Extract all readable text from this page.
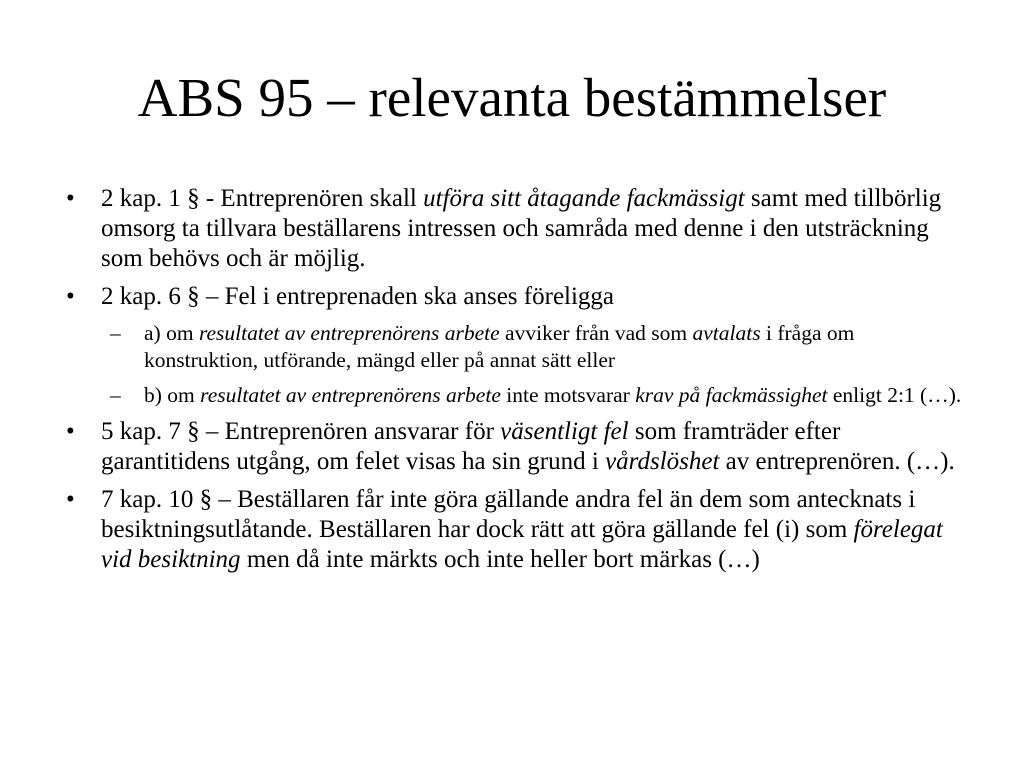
ABS 95 – relevanta bestämmelser
• 2 kap. 1 § - Entreprenören skall utföra sitt åtagande fackmässigt samt med tillbörlig omsorg ta tillvara beställarens intressen och samråda med denne i den utsträckning som behövs och är möjlig.
• 2 kap. 6 § – Fel i entreprenaden ska anses föreligga
– a) om resultatet av entreprenörens arbete avviker från vad som avtalats i fråga om konstruktion, utförande, mängd eller på annat sätt eller
– b) om resultatet av entreprenörens arbete inte motsvarar krav på fackmässighet enligt 2:1 (…).
• 5 kap. 7 § – Entreprenören ansvarar för väsentligt fel som framträder efter garantitidens utgång, om felet visas ha sin grund i vårdslöshet av entreprenören. (…).
• 7 kap. 10 § – Beställaren får inte göra gällande andra fel än dem som antecknats i besiktningsutlåtande. Beställaren har dock rätt att göra gällande fel (i) som förelegat vid besiktning men då inte märkts och inte heller bort märkas (…)
